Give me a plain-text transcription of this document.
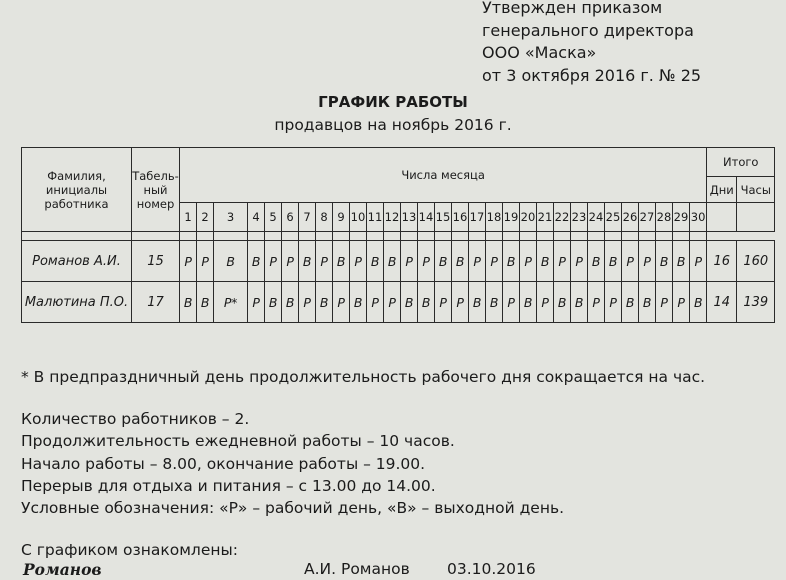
Утвержден приказом
генерального директора
ООО «Маска»
от 3 октября 2016 г. № 25
ГРАФИК РАБОТЫ
продавцов на ноябрь 2016 г.
Фамилия, инициалы работника	Табель-ный номер	Числа месяца																														Итого	
																																Дни	Часы
		1	2	3	4	5	6	7	8	9	10	11	12	13	14	15	16	17	18	19	20	21	22	23	24	25	26	27	28	29	30		

Романов А.И.	15	Р	Р	В	В	Р	Р	В	Р	В	Р	В	В	Р	Р	В	В	Р	Р	В	Р	В	Р	Р	В	В	Р	Р	В	В	Р	16	160
Малютина П.О.	17	В	В	Р*	Р	В	В	Р	В	Р	В	Р	Р	В	В	Р	Р	В	В	Р	В	Р	В	В	Р	Р	В	В	Р	Р	В	14	139
* В предпраздничный день продолжительность рабочего дня сокращается на час.
Количество работников – 2.
Продолжительность ежедневной работы – 10 часов.
Начало работы – 8.00, окончание работы – 19.00.
Перерыв для отдыха и питания – с 13.00 до 14.00.
Условные обозначения: «Р» – рабочий день, «В» – выходной день.
С графиком ознакомлены:
Романов	А.И. Романов 03.10.2016
